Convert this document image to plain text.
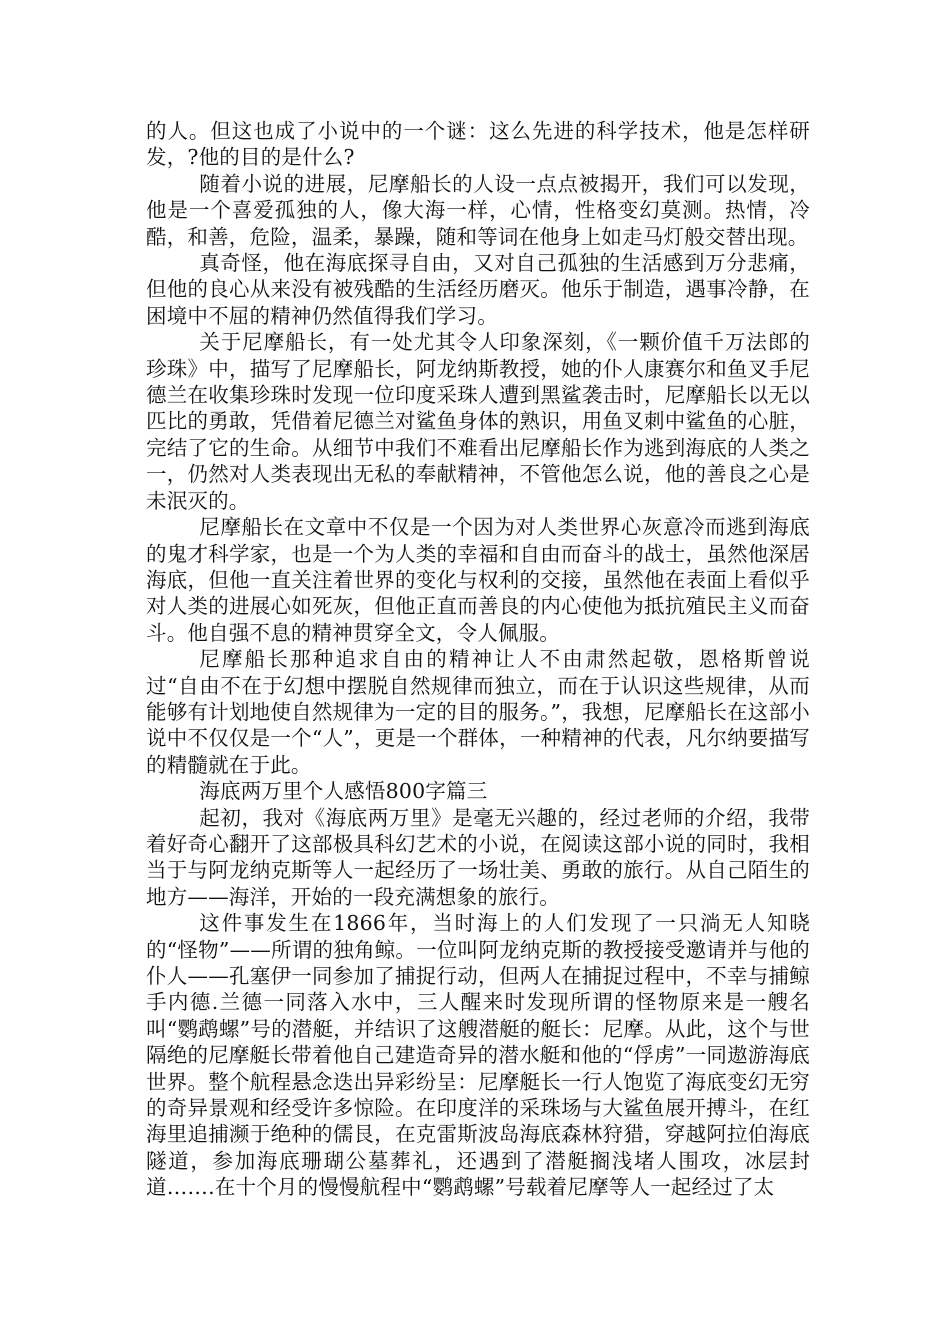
的人。但这也成了小说中的一个谜：这么先进的科学技术，他是怎样研发，?他的目的是什么?

随着小说的进展，尼摩船长的人设一点点被揭开，我们可以发现，他是一个喜爱孤独的人，像大海一样，心情，性格变幻莫测。热情，冷酷，和善，危险，温柔，暴躁，随和等词在他身上如走马灯般交替出现。

真奇怪，他在海底探寻自由，又对自己孤独的生活感到万分悲痛，但他的良心从来没有被残酷的生活经历磨灭。他乐于制造，遇事冷静，在困境中不屈的精神仍然值得我们学习。

关于尼摩船长，有一处尤其令人印象深刻，《一颗价值千万法郎的珍珠》中，描写了尼摩船长，阿龙纳斯教授，她的仆人康赛尔和鱼叉手尼德兰在收集珍珠时发现一位印度采珠人遭到黑鲨袭击时，尼摩船长以无以匹比的勇敢，凭借着尼德兰对鲨鱼身体的熟识，用鱼叉刺中鲨鱼的心脏，完结了它的生命。从细节中我们不难看出尼摩船长作为逃到海底的人类之一，仍然对人类表现出无私的奉献精神，不管他怎么说，他的善良之心是未泯灭的。

尼摩船长在文章中不仅是一个因为对人类世界心灰意冷而逃到海底的鬼才科学家，也是一个为人类的幸福和自由而奋斗的战士，虽然他深居海底，但他一直关注着世界的变化与权利的交接，虽然他在表面上看似乎对人类的进展心如死灰，但他正直而善良的内心使他为抵抗殖民主义而奋斗。他自强不息的精神贯穿全文，令人佩服。

尼摩船长那种追求自由的精神让人不由肃然起敬，恩格斯曾说过“自由不在于幻想中摆脱自然规律而独立，而在于认识这些规律，从而能够有计划地使自然规律为一定的目的服务。”，我想，尼摩船长在这部小说中不仅仅是一个“人”，更是一个群体，一种精神的代表，凡尔纳要描写的精髓就在于此。

海底两万里个人感悟800字篇三

起初，我对《海底两万里》是毫无兴趣的，经过老师的介绍，我带着好奇心翻开了这部极具科幻艺术的小说，在阅读这部小说的同时，我相当于与阿龙纳克斯等人一起经历了一场壮美、勇敢的旅行。从自己陌生的地方——海洋，开始的一段充满想象的旅行。

这件事发生在1866年，当时海上的人们发现了一只淌无人知晓的“怪物”——所谓的独角鲸。一位叫阿龙纳克斯的教授接受邀请并与他的仆人——孔塞伊一同参加了捕捉行动，但两人在捕捉过程中，不幸与捕鲸手内德.兰德一同落入水中，三人醒来时发现所谓的怪物原来是一艘名叫“鹦鹉螺”号的潜艇，并结识了这艘潜艇的艇长：尼摩。从此，这个与世隔绝的尼摩艇长带着他自己建造奇异的潜水艇和他的“俘虏”一同遨游海底世界。整个航程悬念迭出异彩纷呈：尼摩艇长一行人饱览了海底变幻无穷的奇异景观和经受许多惊险。在印度洋的采珠场与大鲨鱼展开搏斗，在红海里追捕濒于绝种的儒艮，在克雷斯波岛海底森林狩猎，穿越阿拉伯海底隧道，参加海底珊瑚公墓葬礼，还遇到了潜艇搁浅堵人围攻，冰层封道…….在十个月的慢慢航程中“鹦鹉螺”号载着尼摩等人一起经过了太
